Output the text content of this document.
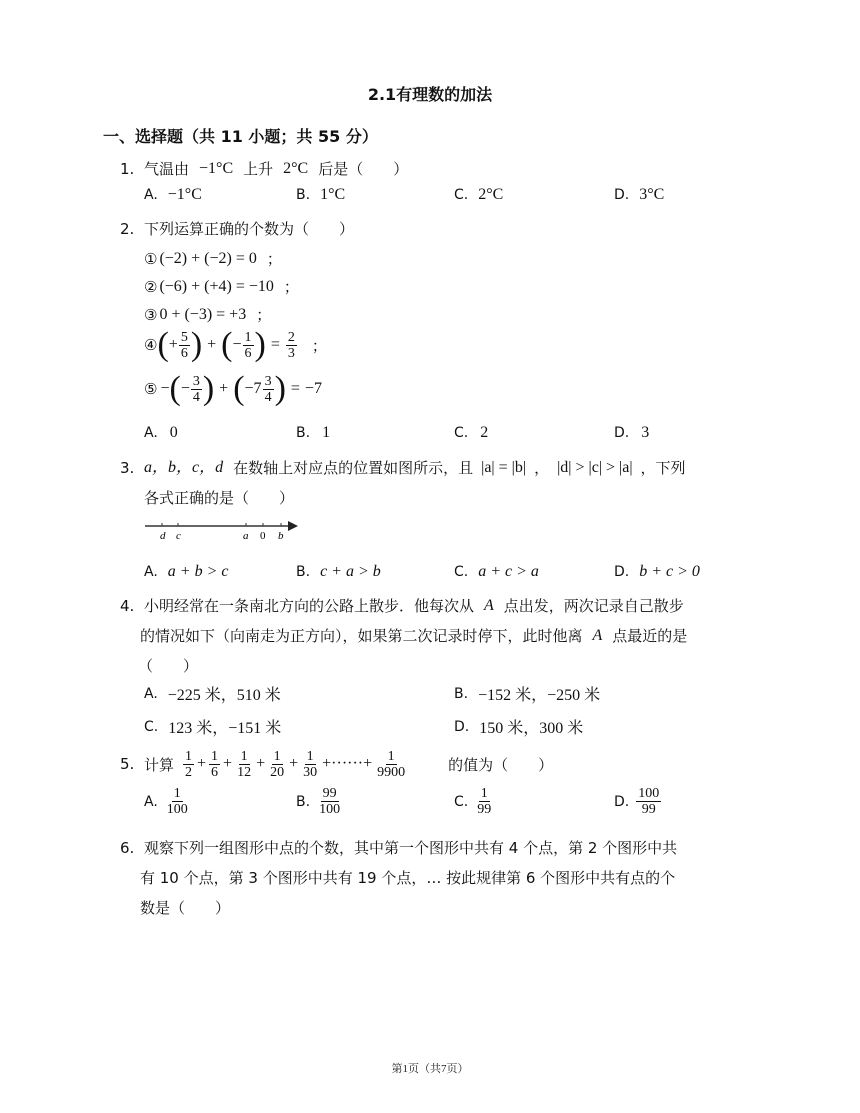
2.1有理数的加法
一、选择题（共 11 小题；共 55 分）
1. 气温由 −1°C 上升 2°C 后是（　　）
A. −1°C	B. 1°C	C. 2°C	D. 3°C
2. 下列运算正确的个数为（　　）
① (−2) + (−2) = 0 ；
② (−6) + (+4) = −10 ；
③ 0 + (−3) = +3 ；
④ ( + $\frac{5}{6}$ ) + ( − $\frac{1}{6}$ ) = $\frac{2}{3}$ ；
⑤ − ( − $\frac{3}{4}$ ) + ( $-7 \frac{3}{4}$ ) = −7
A. 0	B. 1	C. 2	D. 3
3. a，b，c，d 在数轴上对应点的位置如图所示，且 |a| = |b| ， |d| > |c| > |a| ，下列
各式正确的是（　　）
d c	a 0 b
A. a + b > c	B. c + a > b	C. a + c > a	D. b + c > 0
4. 小明经常在一条南北方向的公路上散步．他每次从 A 点出发，两次记录自己散步
的情况如下（向南走为正方向），如果第二次记录时停下，此时他离 A 点最近的是
（　　）
A. −225 米，510 米	B. −152 米，−250 米
C. 123 米，−151 米	D. 150 米，300 米
5. 计算 $\frac{1}{2} + \frac{1}{6} + \frac{1}{12} + \frac{1}{20} + \frac{1}{30}$ +······+ $\frac{1}{9900}$	的值为（　　）
A. $\frac{1}{100}$	B. $\frac{99}{100}$	C. $\frac{1}{99}$	D. $\frac{100}{99}$
6. 观察下列一组图形中点的个数，其中第一个图形中共有 4 个点，第 2 个图形中共
有 10 个点，第 3 个图形中共有 19 个点，… 按此规律第 6 个图形中共有点的个
数是（　　）
第1页（共7页）
